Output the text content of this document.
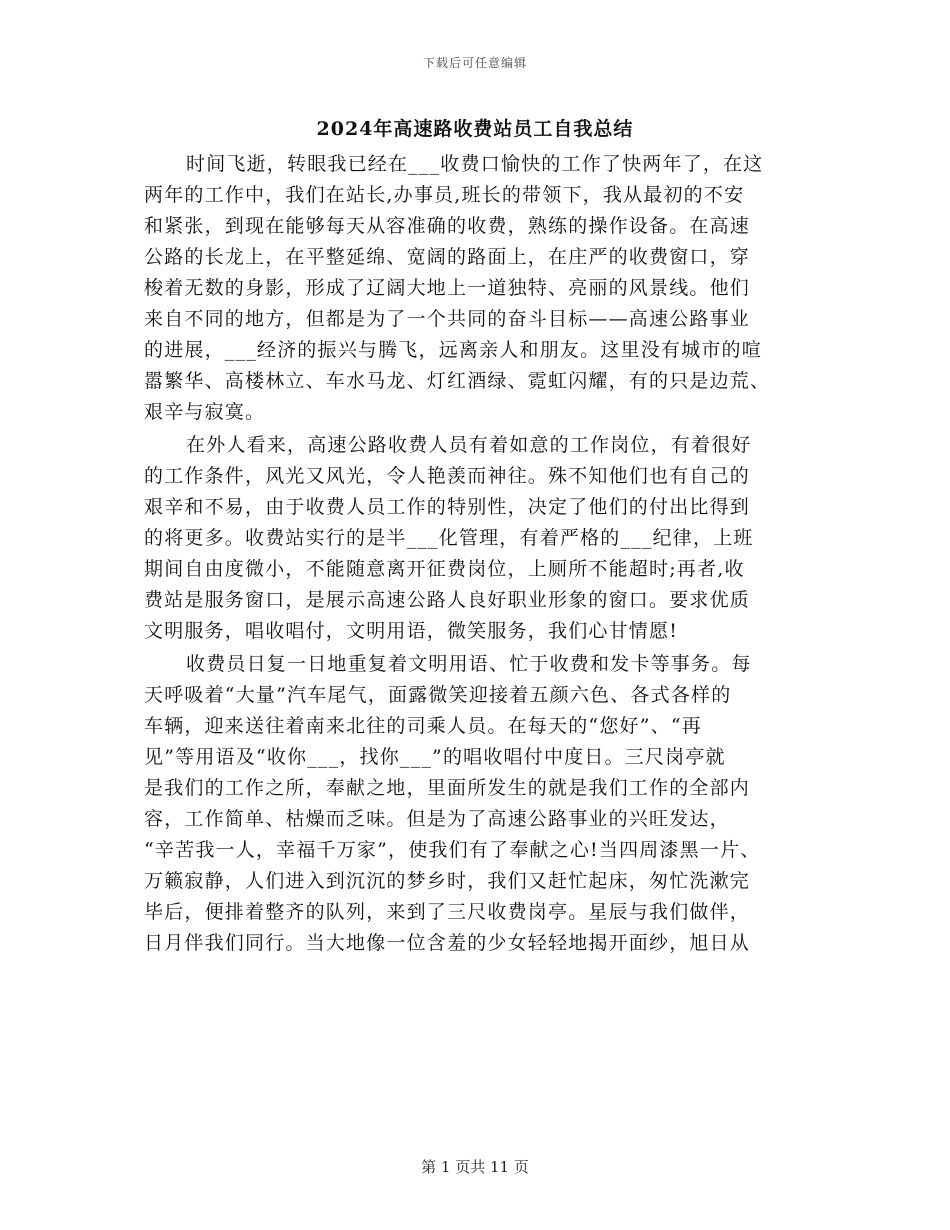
下载后可任意编辑
2024年高速路收费站员工自我总结
时间飞逝，转眼我已经在___收费口愉快的工作了快两年了，在这
两年的工作中，我们在站长,办事员,班长的带领下，我从最初的不安
和紧张，到现在能够每天从容准确的收费，熟练的操作设备。在高速
公路的长龙上，在平整延绵、宽阔的路面上，在庄严的收费窗口，穿
梭着无数的身影，形成了辽阔大地上一道独特、亮丽的风景线。他们
来自不同的地方，但都是为了一个共同的奋斗目标——高速公路事业
的进展，___经济的振兴与腾飞，远离亲人和朋友。这里没有城市的喧
嚣繁华、高楼林立、车水马龙、灯红酒绿、霓虹闪耀，有的只是边荒、
艰辛与寂寞。
在外人看来，高速公路收费人员有着如意的工作岗位，有着很好
的工作条件，风光又风光，令人艳羡而神往。殊不知他们也有自己的
艰辛和不易，由于收费人员工作的特别性，决定了他们的付出比得到
的将更多。收费站实行的是半___化管理，有着严格的___纪律，上班
期间自由度微小，不能随意离开征费岗位，上厕所不能超时;再者,收
费站是服务窗口，是展示高速公路人良好职业形象的窗口。要求优质
文明服务，唱收唱付，文明用语，微笑服务，我们心甘情愿!
收费员日复一日地重复着文明用语、忙于收费和发卡等事务。每
天呼吸着“大量”汽车尾气，面露微笑迎接着五颜六色、各式各样的
车辆，迎来送往着南来北往的司乘人员。在每天的“您好”、“再
见”等用语及“收你___，找你___”的唱收唱付中度日。三尺岗亭就
是我们的工作之所，奉献之地，里面所发生的就是我们工作的全部内
容，工作简单、枯燥而乏味。但是为了高速公路事业的兴旺发达，
“辛苦我一人，幸福千万家”，使我们有了奉献之心!当四周漆黑一片、
万籁寂静，人们进入到沉沉的梦乡时，我们又赶忙起床，匆忙洗漱完
毕后，便排着整齐的队列，来到了三尺收费岗亭。星辰与我们做伴，
日月伴我们同行。当大地像一位含羞的少女轻轻地揭开面纱，旭日从
第 1 页共 11 页
